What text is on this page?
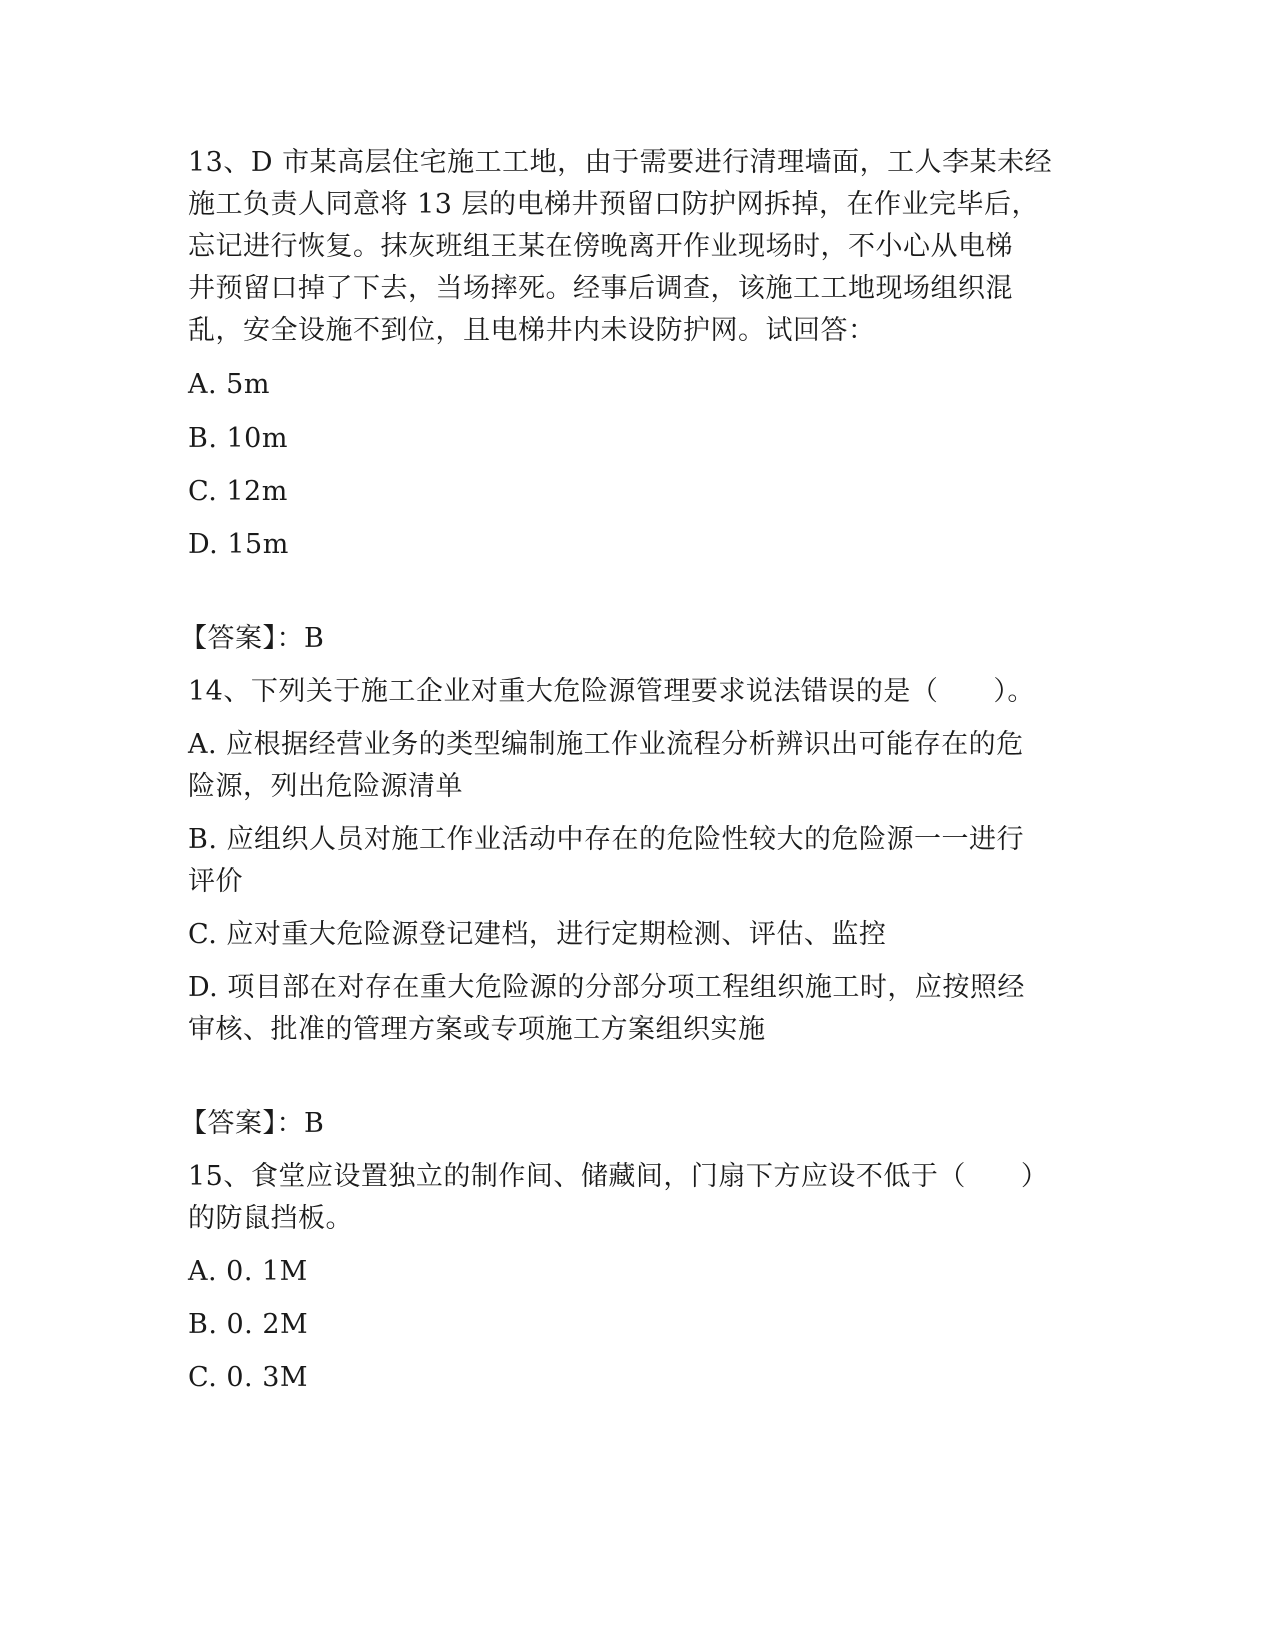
13、D 市某高层住宅施工工地，由于需要进行清理墙面，工人李某未经
施工负责人同意将 13 层的电梯井预留口防护网拆掉，在作业完毕后，
忘记进行恢复。抹灰班组王某在傍晚离开作业现场时，不小心从电梯
井预留口掉了下去，当场摔死。经事后调查，该施工工地现场组织混
乱，安全设施不到位，且电梯井内未设防护网。试回答：
A. 5m
B. 10m
C. 12m
D. 15m
【答案】：B
14、下列关于施工企业对重大危险源管理要求说法错误的是（　　）。
A. 应根据经营业务的类型编制施工作业流程分析辨识出可能存在的危
险源，列出危险源清单
B. 应组织人员对施工作业活动中存在的危险性较大的危险源一一进行
评价
C. 应对重大危险源登记建档，进行定期检测、评估、监控
D. 项目部在对存在重大危险源的分部分项工程组织施工时，应按照经
审核、批准的管理方案或专项施工方案组织实施
【答案】：B
15、食堂应设置独立的制作间、储藏间，门扇下方应设不低于（　　）
的防鼠挡板。
A. 0. 1M
B. 0. 2M
C. 0. 3M
